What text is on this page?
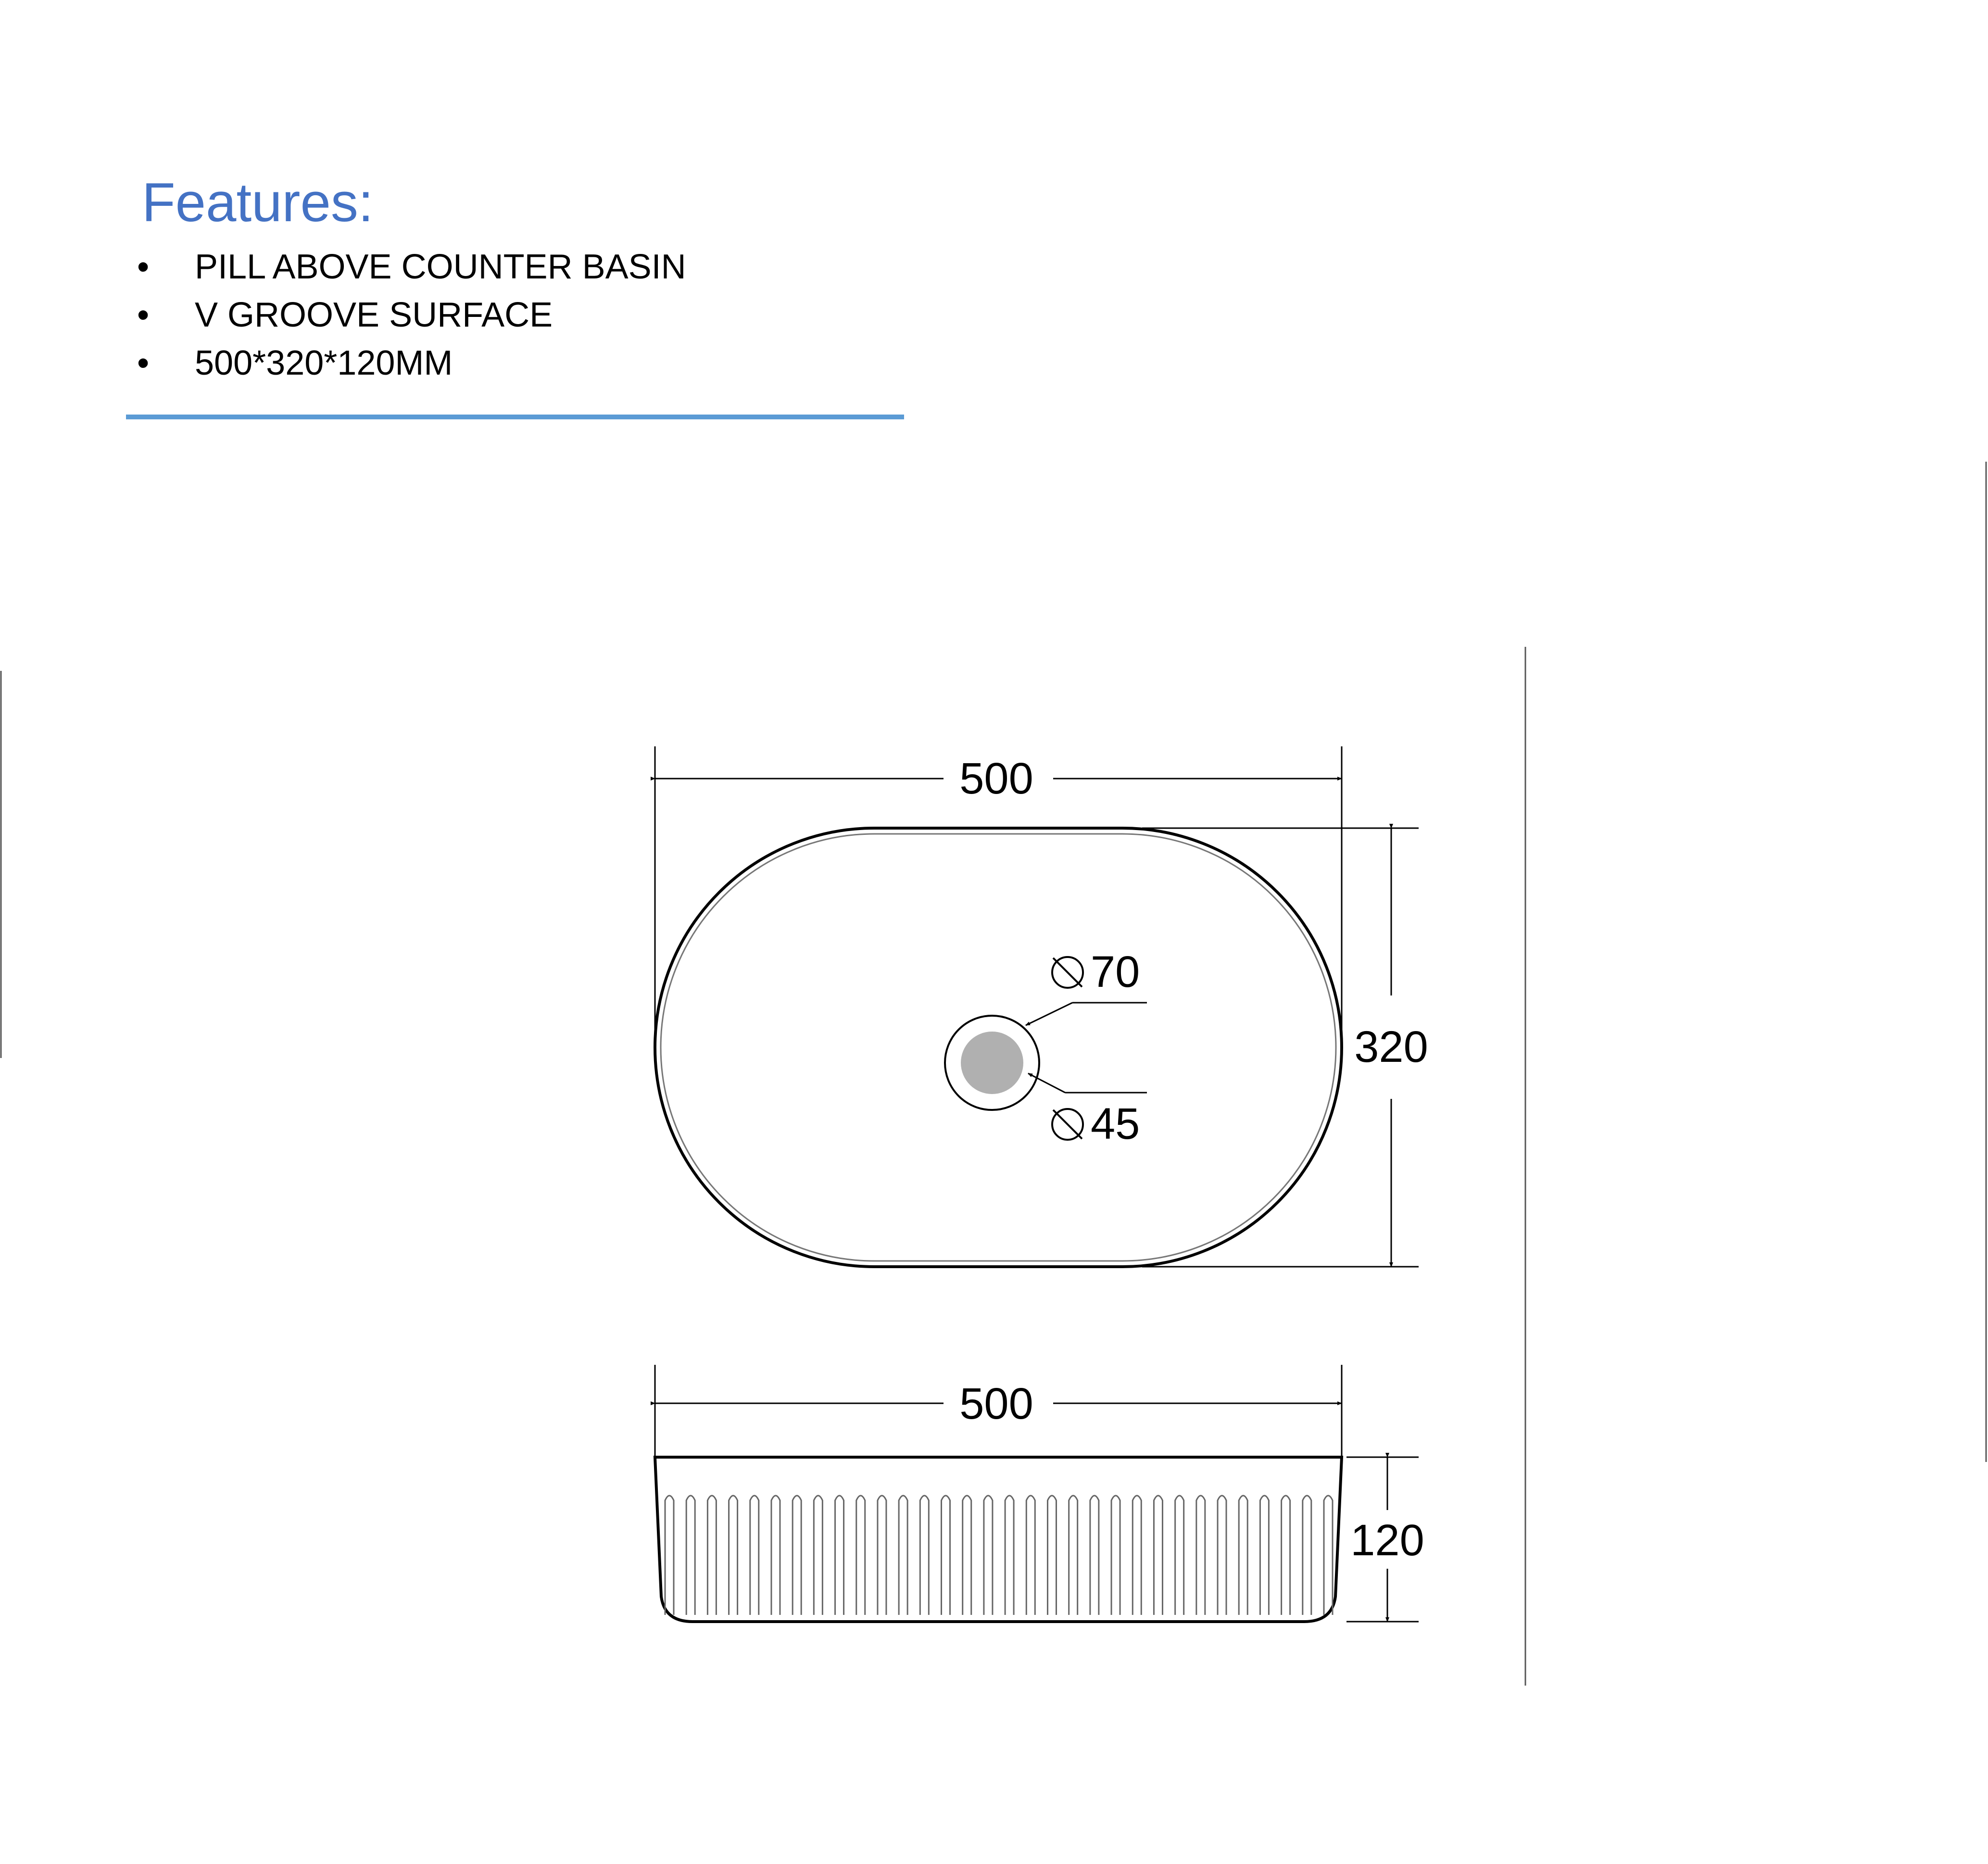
Features:
• PILL ABOVE COUNTER BASIN
• V GROOVE SURFACE
• 500*320*120MM
500
320
70
45
500
120
